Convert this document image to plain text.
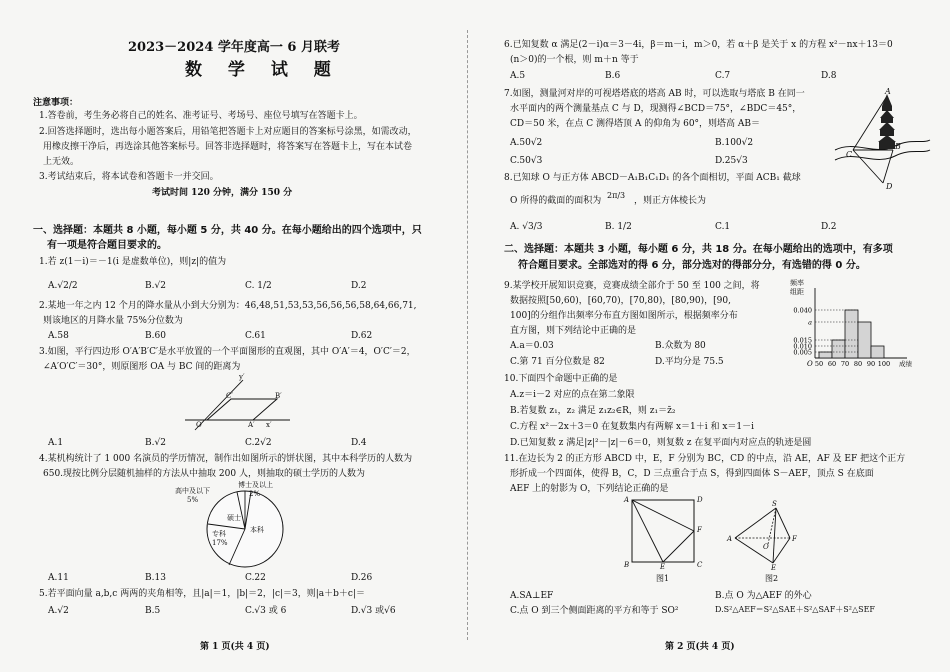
2023－2024 学年度高一 6 月联考
数 学 试 题
注意事项：
1.答卷前，考生务必将自己的姓名、准考证号、考场号、座位号填写在答题卡上。
2.回答选择题时，选出每小题答案后，用铅笔把答题卡上对应题目的答案标号涂黑，如需改动，
用橡皮擦干净后，再选涂其他答案标号。回答非选择题时，将答案写在答题卡上，写在本试卷
上无效。
3.考试结束后，将本试卷和答题卡一并交回。
考试时间 120 分钟，满分 150 分
一、选择题：本题共 8 小题，每小题 5 分，共 40 分。在每小题给出的四个选项中，只
有一项是符合题目要求的。
1.若 z(1－i)＝－1(i 是虚数单位)，则|z|的值为
A.√2/2	B.√2	C. 1/2	D.2
2.某地一年之内 12 个月的降水量从小到大分别为：46,48,51,53,53,56,56,56,58,64,66,71,
则该地区的月降水量 75%分位数为
A.58	B.60	C.61	D.62
3.如图，平行四边形 O′A′B′C′是水平放置的一个平面图形的直观图，其中 O′A′＝4，O′C′＝2，
∠A′O′C′＝30°，则原图形 OA 与 BC 间的距离为
y′
C′	B′
O′	A′ x′
A.1	B.√2	C.2√2	D.4
4.某机构统计了 1 000 名演员的学历情况，制作出如图所示的饼状图，其中本科学历的人数为
650.现按比例分层随机抽样的方法从中抽取 200 人，则抽取的硕士学历的人数为
高中及以下
5%
博士及以上
2%
硕士
专科
17%
本科
A.11	B.13	C.22	D.26
5.若平面向量 a,b,c 两两的夹角相等，且|a|＝1，|b|＝2，|c|＝3，则|a＋b＋c|＝
A.√2	B.5	C.√3 或 6	D.√3 或√6
第 1 页(共 4 页)
6.已知复数 α 满足(2－i)α＝3－4i，β＝m－i，m＞0，若 α＋β 是关于 x 的方程 x²－nx＋13＝0
(n＞0)的一个根，则 m＋n 等于
A.5	B.6	C.7	D.8
7.如图，测量河对岸的可视塔塔底的塔高 AB 时，可以选取与塔底 B 在同一
水平面内的两个测量基点 C 与 D，现测得∠BCD＝75°，∠BDC＝45°，
CD＝50 米，在点 C 测得塔顶 A 的仰角为 60°，则塔高 AB＝
A.50√2	B.100√2
C.50√3	D.25√3
A
B
C
D
8.已知球 O 与正方体 ABCD－A₁B₁C₁D₁ 的各个面相切，平面 ACB₁ 截球
O 所得的截面的面积为
2π/3
，则正方体棱长为
A. √3/3	B. 1/2	C.1	D.2
二、选择题：本题共 3 小题，每小题 6 分，共 18 分。在每小题给出的选项中，有多项
符合题目要求。全部选对的得 6 分，部分选对的得部分分，有选错的得 0 分。
9.某学校开展知识竞赛，竞赛成绩全部介于 50 至 100 之间，将
数据按照[50,60)，[60,70)，[70,80)，[80,90)，[90,
100]的分组作出频率分布直方图如图所示，根据频率分布
直方图，则下列结论中正确的是
A.a＝0.03	B.众数为 80
C.第 71 百分位数是 82	D.平均分是 75.5
0.040
a
0.015
0.010
0.005
50 60 70 80 90 100 成绩
O
频率
组距
10.下面四个命题中正确的是
A.z＝i－2 对应的点在第二象限
B.若复数 z₁，z₂ 满足 z₁z₂∈R，则 z₁＝z̄₂
C.方程 x²－2x＋3＝0 在复数集内有两解 x＝1＋i 和 x＝1－i
D.已知复数 z 满足|z|²－|z|－6＝0，则复数 z 在复平面内对应点的轨迹是圆
11.在边长为 2 的正方形 ABCD 中，E，F 分别为 BC，CD 的中点，沿 AE，AF 及 EF 把这个正方
形折成一个四面体，使得 B，C，D 三点重合于点 S，得到四面体 S－AEF，顶点 S 在底面
AEF 上的射影为 O，下列结论正确的是
A	D
F
B	E	C
图1
S
A	F
E
O
图2
A.SA⊥EF	B.点 O 为△AEF 的外心
C.点 O 到三个侧面距离的平方和等于 SO²	D.S²△AEF＝S²△SAE＋S²△SAF＋S²△SEF
第 2 页(共 4 页)
